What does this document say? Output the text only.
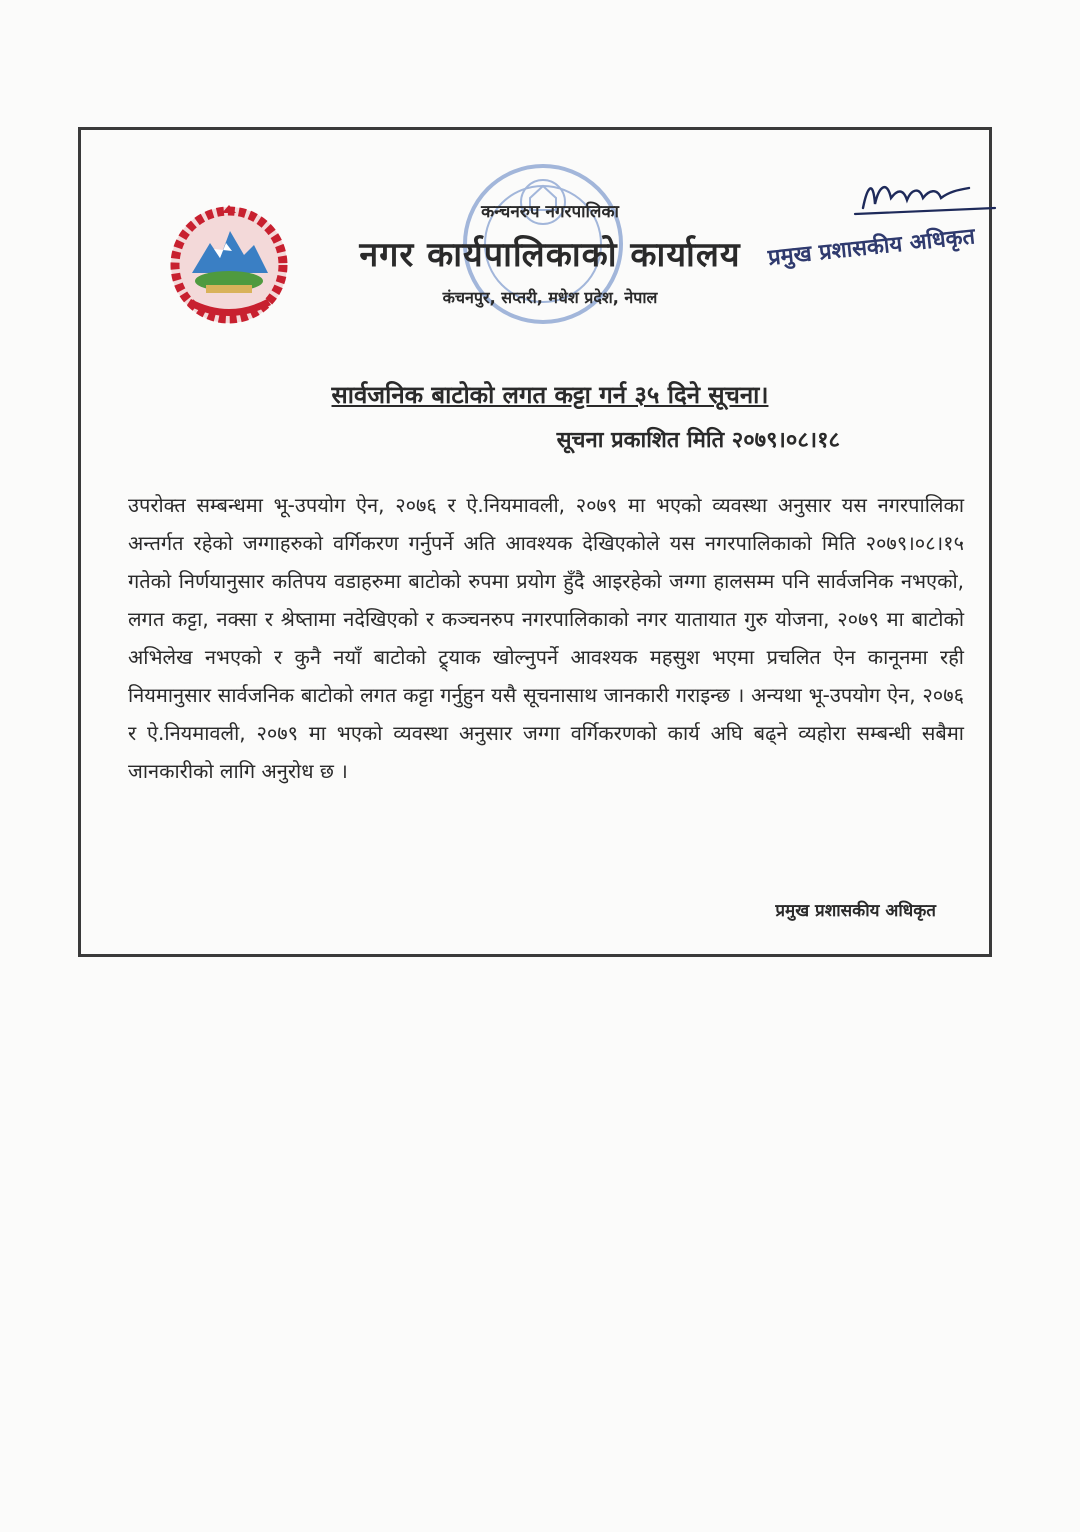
कन्चनरुप नगरपालिका
नगर कार्यपालिकाको कार्यालय
कंचनपुर, सप्तरी, मधेश प्रदेश, नेपाल
प्रमुख प्रशासकीय अधिकृत
सार्वजनिक बाटोको लगत कट्टा गर्न ३५ दिने सूचना।
सूचना प्रकाशित मिति २०७९।०८।१८
उपरोक्त सम्बन्धमा भू-उपयोग ऐन, २०७६ र ऐ.नियमावली, २०७९ मा भएको व्यवस्था अनुसार यस नगरपालिका अन्तर्गत रहेको जग्गाहरुको वर्गिकरण गर्नुपर्ने अति आवश्यक देखिएकोले यस नगरपालिकाको मिति २०७९।०८।१५ गतेको निर्णयानुसार कतिपय वडाहरुमा बाटोको रुपमा प्रयोग हुँदै आइरहेको जग्गा हालसम्म पनि सार्वजनिक नभएको, लगत कट्टा, नक्सा र श्रेष्तामा नदेखिएको र कञ्चनरुप नगरपालिकाको नगर यातायात गुरु योजना, २०७९ मा बाटोको अभिलेख नभएको र कुनै नयाँ बाटोको ट्र्याक खोल्नुपर्ने आवश्यक महसुश भएमा प्रचलित ऐन कानूनमा रही नियमानुसार सार्वजनिक बाटोको लगत कट्टा गर्नुहुन यसै सूचनासाथ जानकारी गराइन्छ । अन्यथा भू-उपयोग ऐन, २०७६ र ऐ.नियमावली, २०७९ मा भएको व्यवस्था अनुसार जग्गा वर्गिकरणको कार्य अघि बढ्ने व्यहोरा सम्बन्धी सबैमा जानकारीको लागि अनुरोध छ ।
प्रमुख प्रशासकीय अधिकृत
